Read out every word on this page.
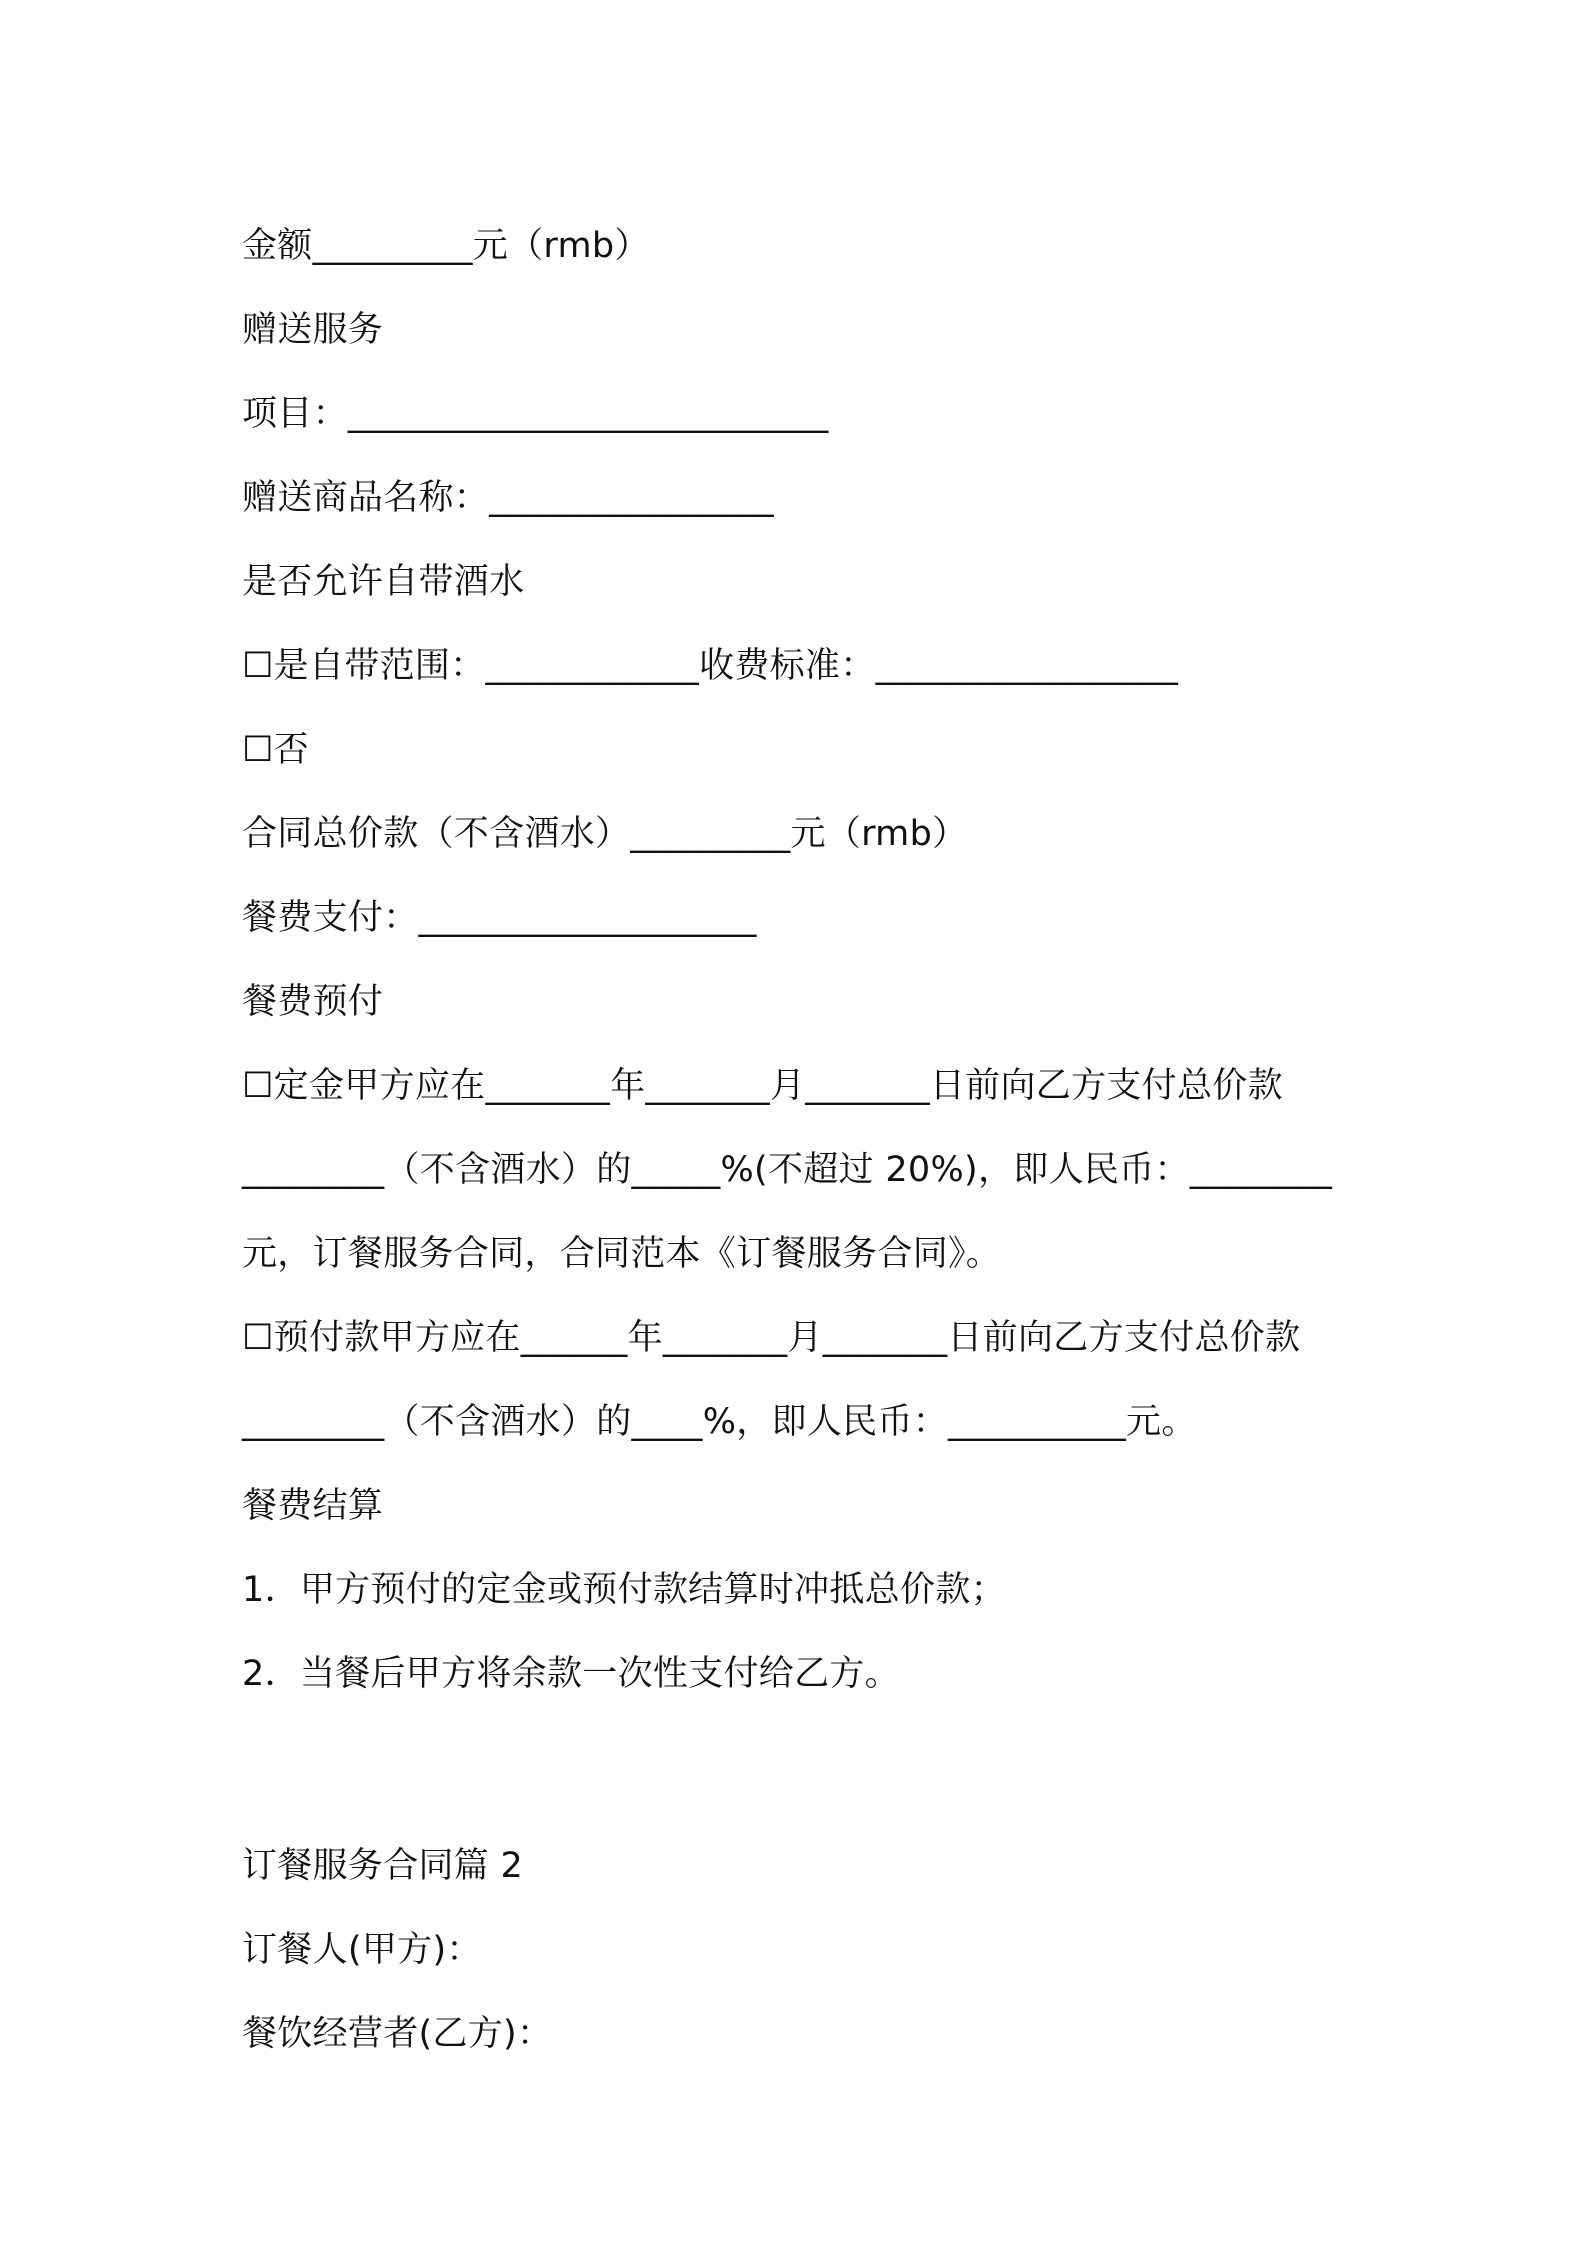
金额_________元（rmb）
赠送服务
项目：___________________________
赠送商品名称：________________
是否允许自带酒水
☐是自带范围：____________收费标准：_________________
☐否
合同总价款（不含酒水）_________元（rmb）
餐费支付：___________________
餐费预付
☐定金甲方应在_______年_______月_______日前向乙方支付总价款
________（不含酒水）的_____%(不超过 20%)，即人民币：________
元，订餐服务合同，合同范本《订餐服务合同》。
☐预付款甲方应在______年_______月_______日前向乙方支付总价款
________（不含酒水）的____%，即人民币：__________元。
餐费结算
1．甲方预付的定金或预付款结算时冲抵总价款；
2．当餐后甲方将余款一次性支付给乙方。
订餐服务合同篇 2
订餐人(甲方)：
餐饮经营者(乙方)：
